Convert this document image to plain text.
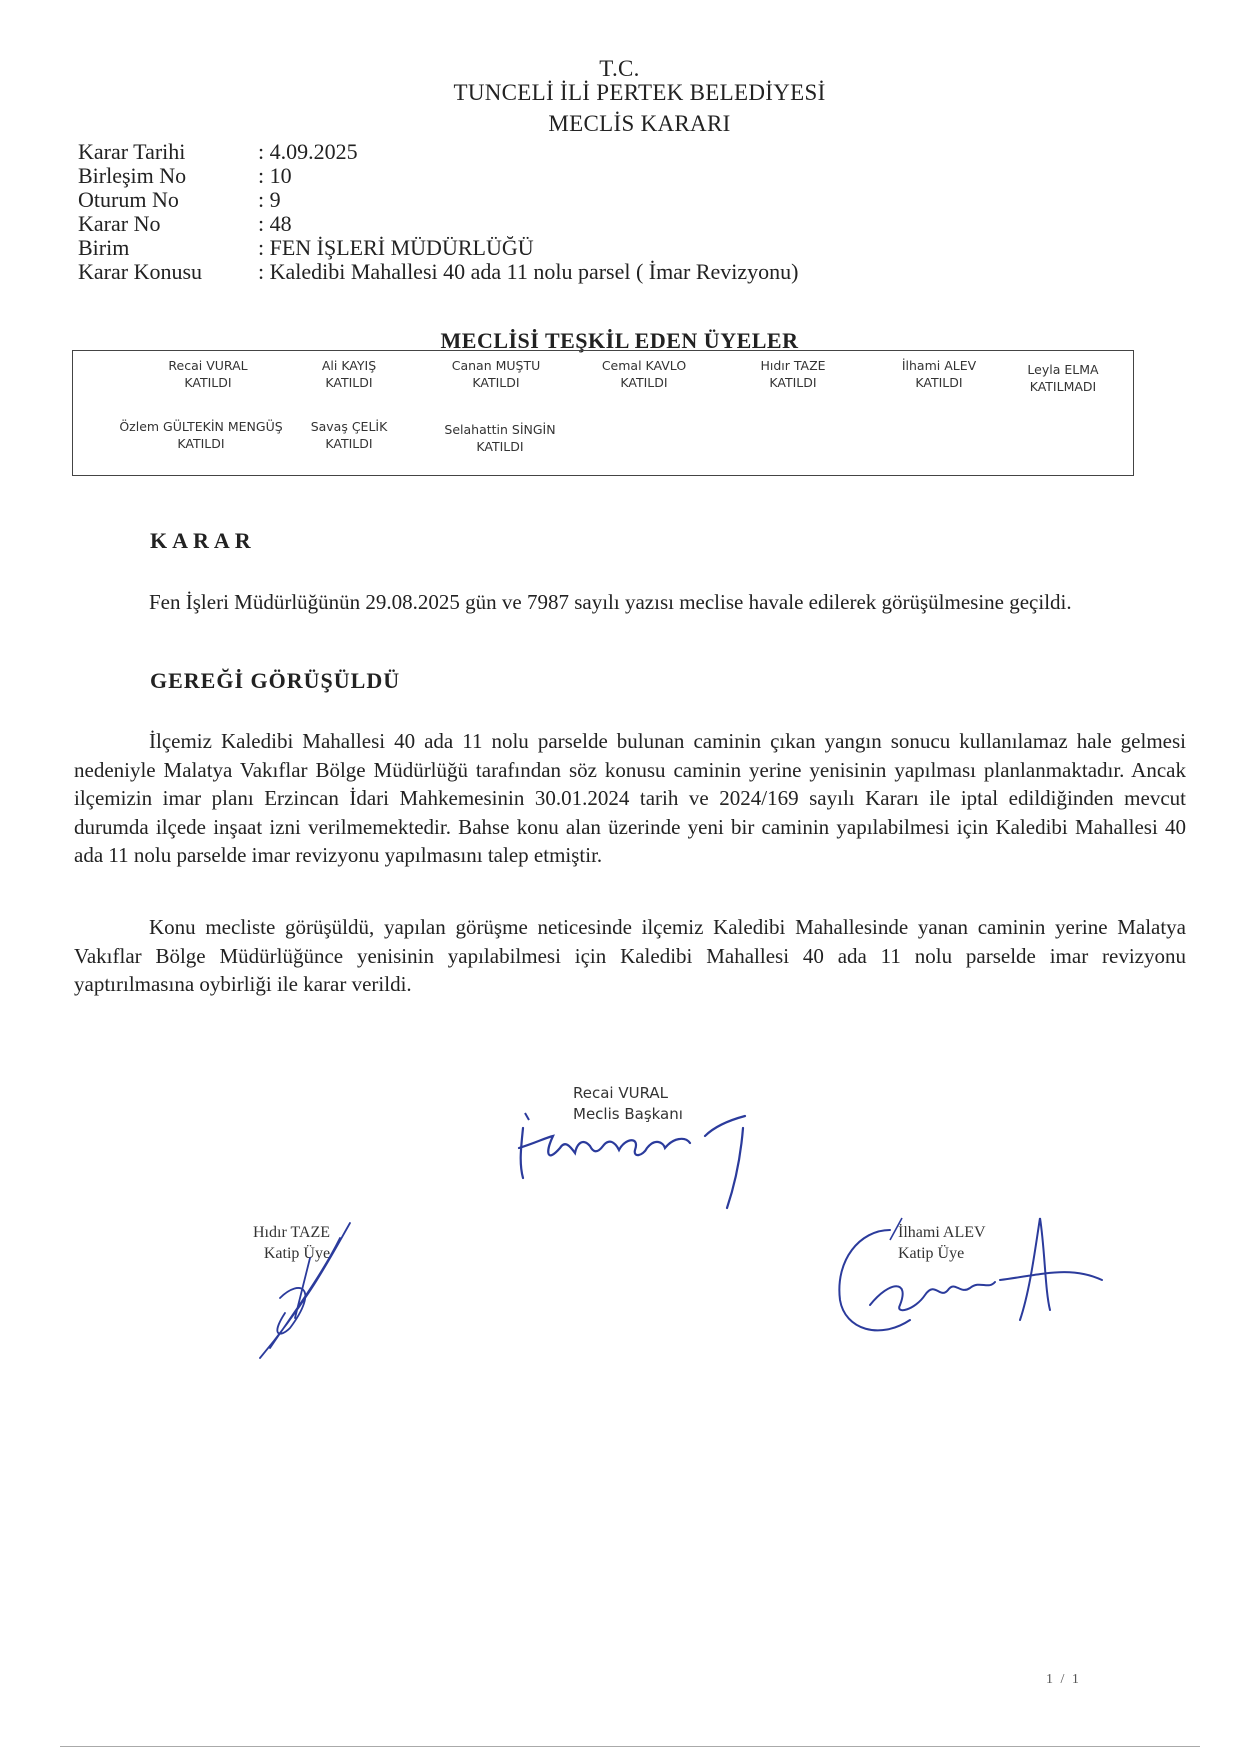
T.C.
TUNCELİ İLİ PERTEK BELEDİYESİ
MECLİS KARARI
Karar Tarihi	: 4.09.2025
Birleşim No	: 10
Oturum No	: 9
Karar No	: 48
Birim	: FEN İŞLERİ MÜDÜRLÜĞÜ
Karar Konusu	: Kaledibi Mahallesi 40 ada 11 nolu parsel ( İmar Revizyonu)
MECLİSİ TEŞKİL EDEN ÜYELER
Recai VURAL
KATILDI
Ali KAYIŞ
KATILDI
Canan MUŞTU
KATILDI
Cemal KAVLO
KATILDI
Hıdır TAZE
KATILDI
İlhami ALEV
KATILDI
Leyla ELMA
KATILMADI
Özlem GÜLTEKİN MENGÜŞ
KATILDI
Savaş ÇELİK
KATILDI
Selahattin SİNGİN
KATILDI
KARAR
Fen İşleri Müdürlüğünün 29.08.2025 gün ve 7987 sayılı yazısı meclise havale edilerek görüşülmesine geçildi.
GEREĞİ GÖRÜŞÜLDÜ
İlçemiz Kaledibi Mahallesi 40 ada 11 nolu parselde bulunan caminin çıkan yangın sonucu kullanılamaz hale gelmesi nedeniyle Malatya Vakıflar Bölge Müdürlüğü tarafından söz konusu caminin yerine yenisinin yapılması planlanmaktadır. Ancak ilçemizin imar planı Erzincan İdari Mahkemesinin 30.01.2024 tarih ve 2024/169 sayılı Kararı ile iptal edildiğinden mevcut durumda ilçede inşaat izni verilmemektedir. Bahse konu alan üzerinde yeni bir caminin yapılabilmesi için Kaledibi Mahallesi 40 ada 11 nolu parselde imar revizyonu yapılmasını talep etmiştir.
Konu mecliste görüşüldü, yapılan görüşme neticesinde ilçemiz Kaledibi Mahallesinde yanan caminin yerine Malatya Vakıflar Bölge Müdürlüğünce yenisinin yapılabilmesi için Kaledibi Mahallesi 40 ada 11 nolu parselde imar revizyonu yaptırılmasına oybirliği ile karar verildi.
Recai VURAL
Meclis Başkanı
Hıdır TAZE
Katip Üye
İlhami ALEV
Katip Üye
1 / 1
